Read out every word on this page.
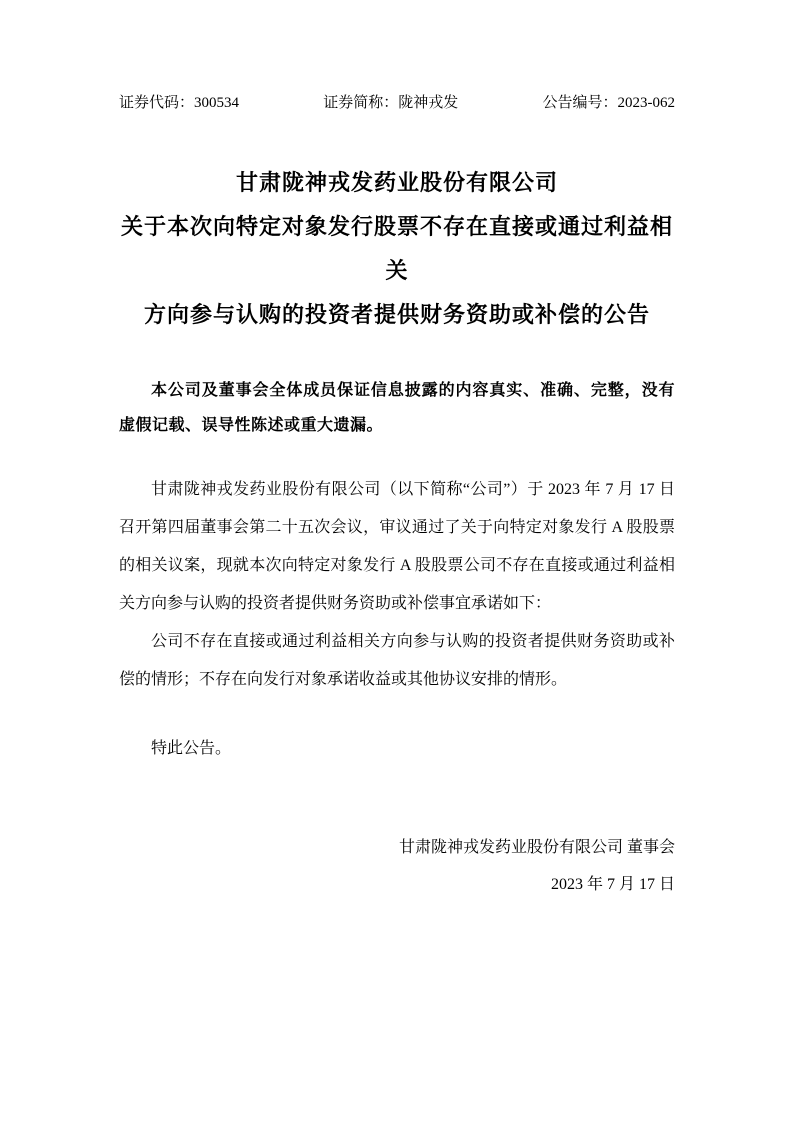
证券代码：300534	证券简称：陇神戎发	公告编号：2023-062
甘肃陇神戎发药业股份有限公司
关于本次向特定对象发行股票不存在直接或通过利益相关
方向参与认购的投资者提供财务资助或补偿的公告

本公司及董事会全体成员保证信息披露的内容真实、准确、完整，没有虚假记载、误导性陈述或重大遗漏。

甘肃陇神戎发药业股份有限公司（以下简称“公司”）于 2023 年 7 月 17 日召开第四届董事会第二十五次会议，审议通过了关于向特定对象发行 A 股股票的相关议案，现就本次向特定对象发行 A 股股票公司不存在直接或通过利益相关方向参与认购的投资者提供财务资助或补偿事宜承诺如下：

公司不存在直接或通过利益相关方向参与认购的投资者提供财务资助或补偿的情形；不存在向发行对象承诺收益或其他协议安排的情形。

特此公告。

甘肃陇神戎发药业股份有限公司 董事会
2023 年 7 月 17 日
